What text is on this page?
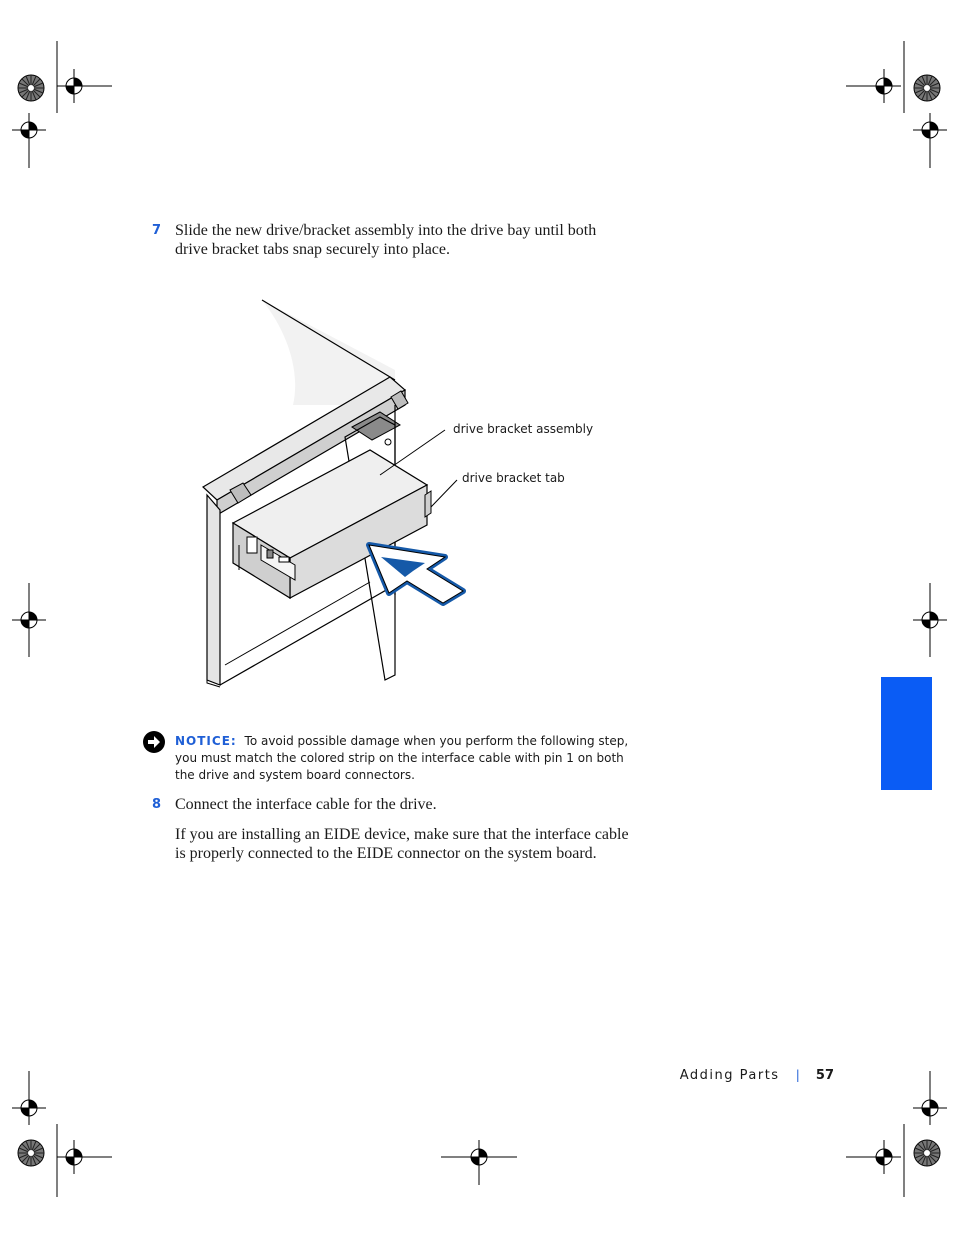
7 Slide the new drive/bracket assembly into the drive bay until both drive bracket tabs snap securely into place.
drive bracket assembly
drive bracket tab
NOTICE: To avoid possible damage when you perform the following step, you must match the colored strip on the interface cable with pin 1 on both the drive and system board connectors.
8 Connect the interface cable for the drive.
If you are installing an EIDE device, make sure that the interface cable is properly connected to the EIDE connector on the system board.
Adding Parts | 57
